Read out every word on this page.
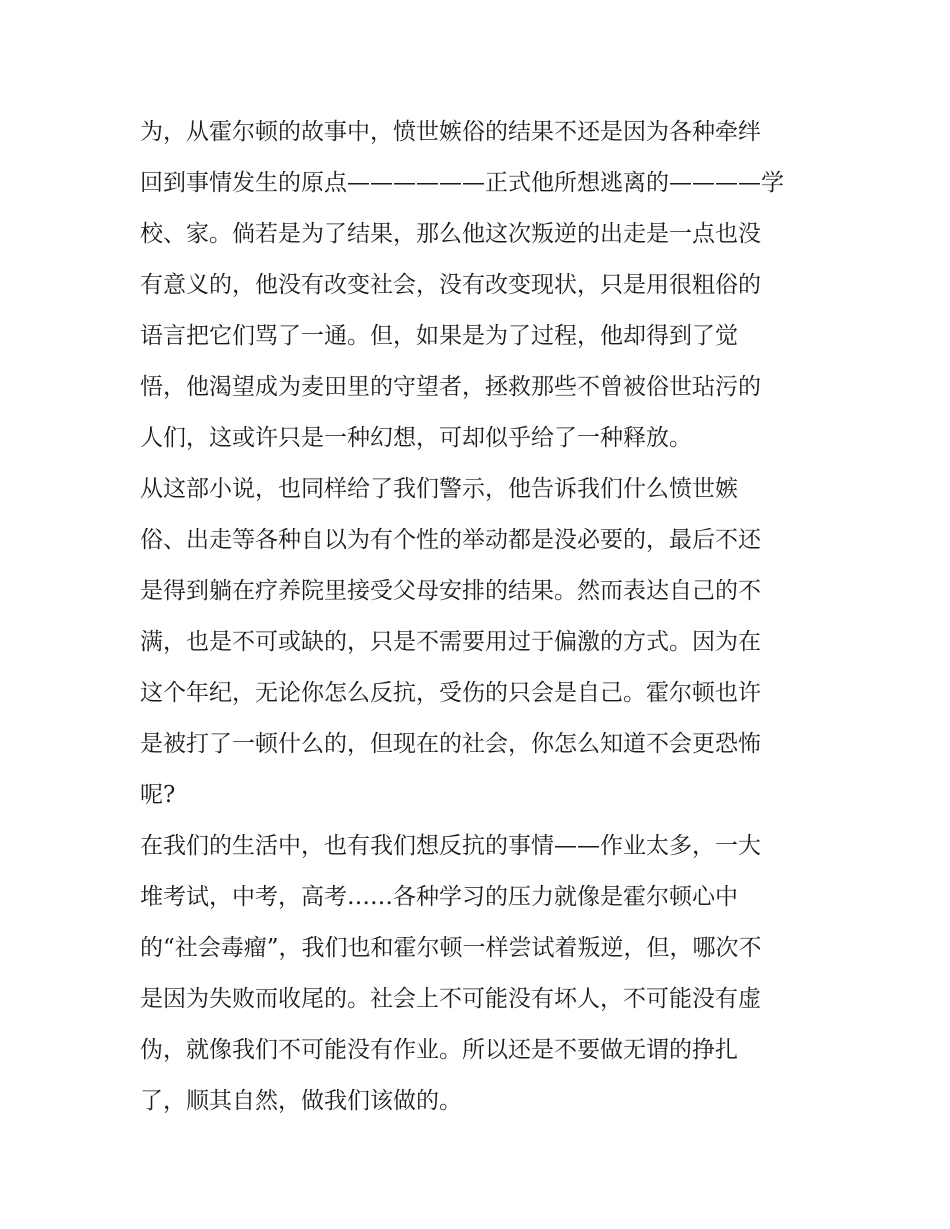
为，从霍尔顿的故事中，愤世嫉俗的结果不还是因为各种牵绊
回到事情发生的原点——————正式他所想逃离的————学
校、家。倘若是为了结果，那么他这次叛逆的出走是一点也没
有意义的，他没有改变社会，没有改变现状，只是用很粗俗的
语言把它们骂了一通。但，如果是为了过程，他却得到了觉
悟，他渴望成为麦田里的守望者，拯救那些不曾被俗世玷污的
人们，这或许只是一种幻想，可却似乎给了一种释放。
从这部小说，也同样给了我们警示，他告诉我们什么愤世嫉
俗、出走等各种自以为有个性的举动都是没必要的，最后不还
是得到躺在疗养院里接受父母安排的结果。然而表达自己的不
满，也是不可或缺的，只是不需要用过于偏激的方式。因为在
这个年纪，无论你怎么反抗，受伤的只会是自己。霍尔顿也许
是被打了一顿什么的，但现在的社会，你怎么知道不会更恐怖
呢?
在我们的生活中，也有我们想反抗的事情——作业太多，一大
堆考试，中考，高考……各种学习的压力就像是霍尔顿心中
的“社会毒瘤”，我们也和霍尔顿一样尝试着叛逆，但，哪次不
是因为失败而收尾的。社会上不可能没有坏人，不可能没有虚
伪，就像我们不可能没有作业。所以还是不要做无谓的挣扎
了，顺其自然，做我们该做的。
